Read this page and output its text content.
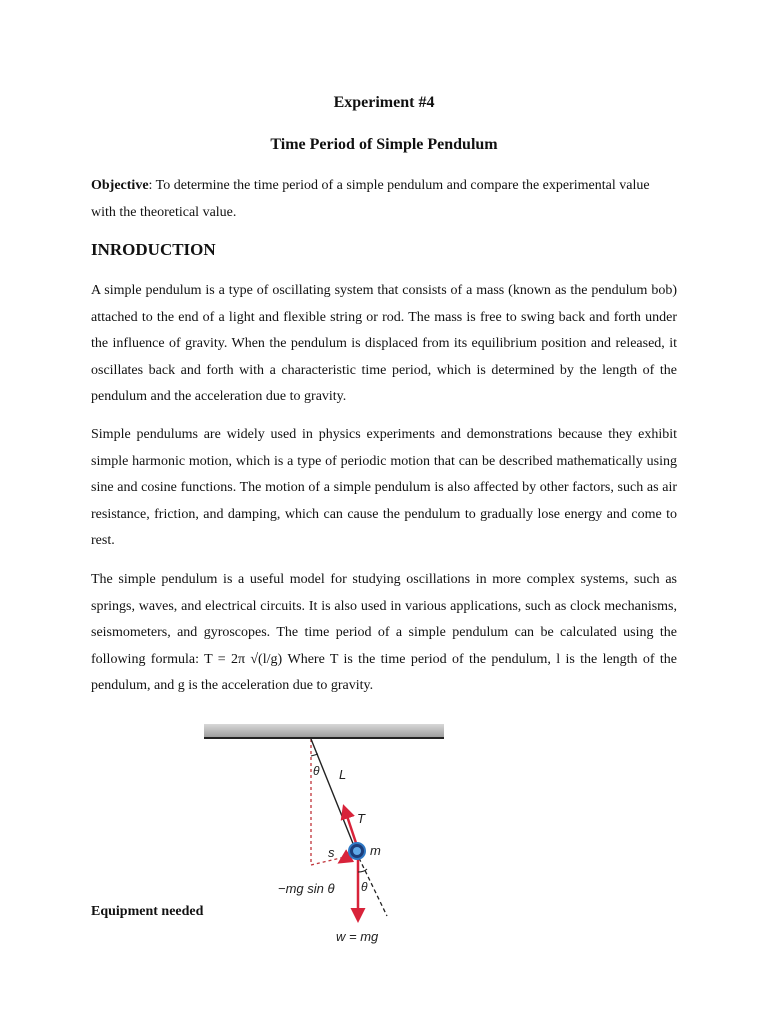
Experiment #4
Time Period of Simple Pendulum

Objective: To determine the time period of a simple pendulum and compare the experimental value with the theoretical value.

INRODUCTION

A simple pendulum is a type of oscillating system that consists of a mass (known as the pendulum bob) attached to the end of a light and flexible string or rod. The mass is free to swing back and forth under the influence of gravity. When the pendulum is displaced from its equilibrium position and released, it oscillates back and forth with a characteristic time period, which is determined by the length of the pendulum and the acceleration due to gravity.

Simple pendulums are widely used in physics experiments and demonstrations because they exhibit simple harmonic motion, which is a type of periodic motion that can be described mathematically using sine and cosine functions. The motion of a simple pendulum is also affected by other factors, such as air resistance, friction, and damping, which can cause the pendulum to gradually lose energy and come to rest.

The simple pendulum is a useful model for studying oscillations in more complex systems, such as springs, waves, and electrical circuits. It is also used in various applications, such as clock mechanisms, seismometers, and gyroscopes. The time period of a simple pendulum can be calculated using the following formula: T = 2π √(l/g) Where T is the time period of the pendulum, l is the length of the pendulum, and g is the acceleration due to gravity.

θ L
T
s	m
−mg sin θ θ
w = mg
Equipment needed
